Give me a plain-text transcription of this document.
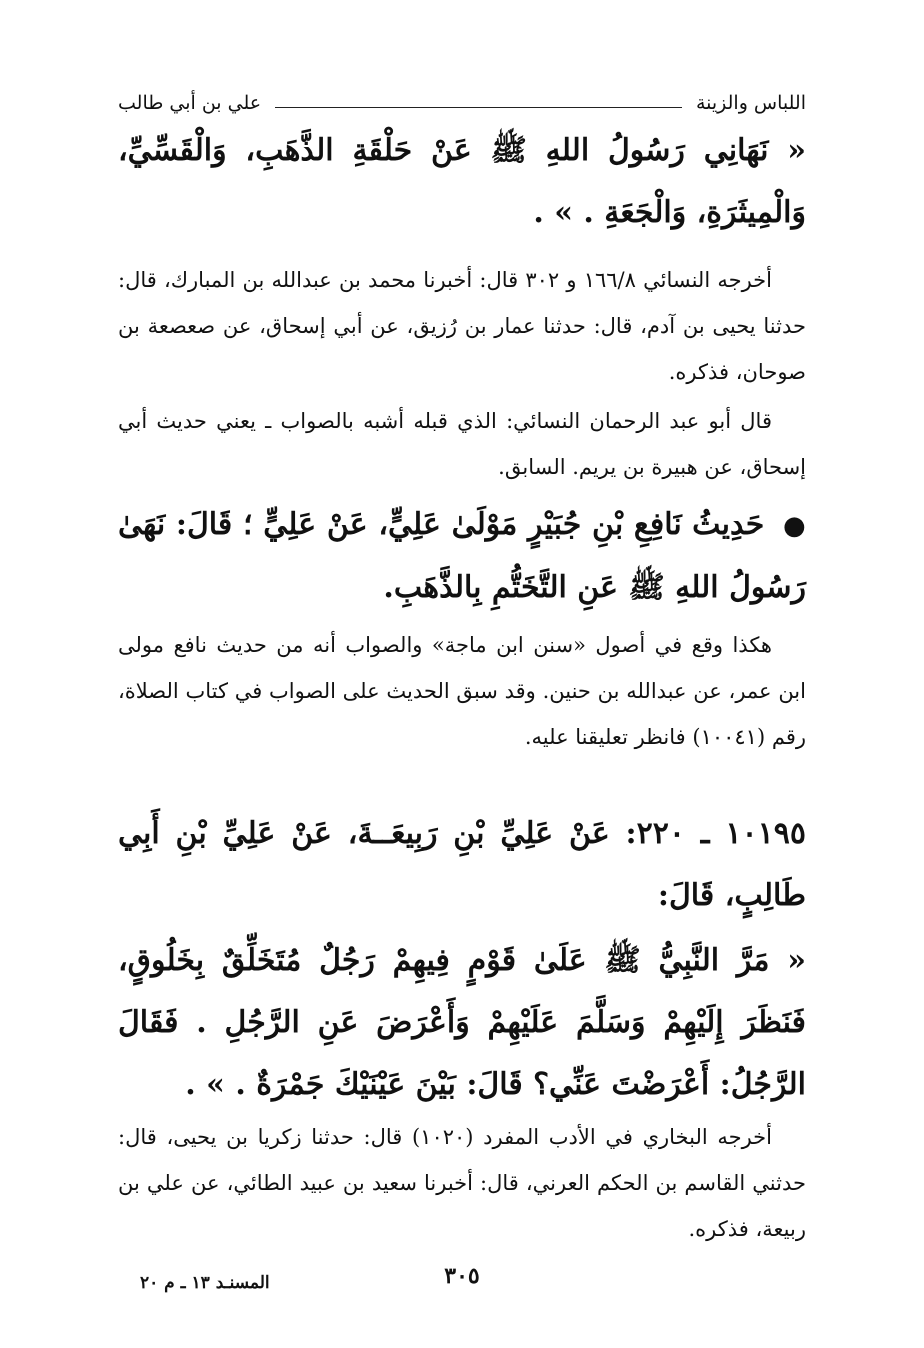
اللباس والزينة
علي بن أبي طالب
« نَهَانِي رَسُولُ اللهِ ﷺ عَنْ حَلْقَةِ الذَّهَبِ، وَالْقَسِّيِّ، وَالْمِيثَرَةِ، وَالْجَعَةِ . » .
أخرجه النسائي ١٦٦/٨ و ٣٠٢ قال: أخبرنا محمد بن عبدالله بن المبارك، قال: حدثنا يحيى بن آدم، قال: حدثنا عمار بن رُزيق، عن أبي إسحاق، عن صعصعة بن صوحان، فذكره.
قال أبو عبد الرحمان النسائي: الذي قبله أشبه بالصواب ـ يعني حديث أبي إسحاق، عن هبيرة بن يريم. السابق.
● حَدِيثُ نَافِعِ بْنِ جُبَيْرٍ مَوْلَىٰ عَلِيٍّ، عَنْ عَلِيٍّ ؛ قَالَ: نَهَىٰ رَسُولُ اللهِ ﷺ عَنِ التَّخَتُّمِ بِالذَّهَبِ.
هكذا وقع في أصول «سنن ابن ماجة» والصواب أنه من حديث نافع مولى ابن عمر، عن عبدالله بن حنين. وقد سبق الحديث على الصواب في كتاب الصلاة، رقم (١٠٠٤١) فانظر تعليقنا عليه.
١٠١٩٥ ـ ٢٢٠: عَنْ عَلِيِّ بْنِ رَبِيعَــةَ، عَنْ عَلِيِّ بْنِ أَبِي طَالِبٍ، قَالَ:
« مَرَّ النَّبِيُّ ﷺ عَلَىٰ قَوْمٍ فِيهِمْ رَجُلٌ مُتَخَلِّقٌ بِخَلُوقٍ، فَنَظَرَ إِلَيْهِمْ وَسَلَّمَ عَلَيْهِمْ وَأَعْرَضَ عَنِ الرَّجُلِ . فَقَالَ الرَّجُلُ: أَعْرَضْتَ عَنِّي؟ قَالَ: بَيْنَ عَيْنَيْكَ جَمْرَةٌ . » .
أخرجه البخاري في الأدب المفرد (١٠٢٠) قال: حدثنا زكريا بن يحيى، قال: حدثني القاسم بن الحكم العرني، قال: أخبرنا سعيد بن عبيد الطائي، عن علي بن ربيعة، فذكره.
٣٠٥
المسنـد ١٣ ـ م ٢٠
